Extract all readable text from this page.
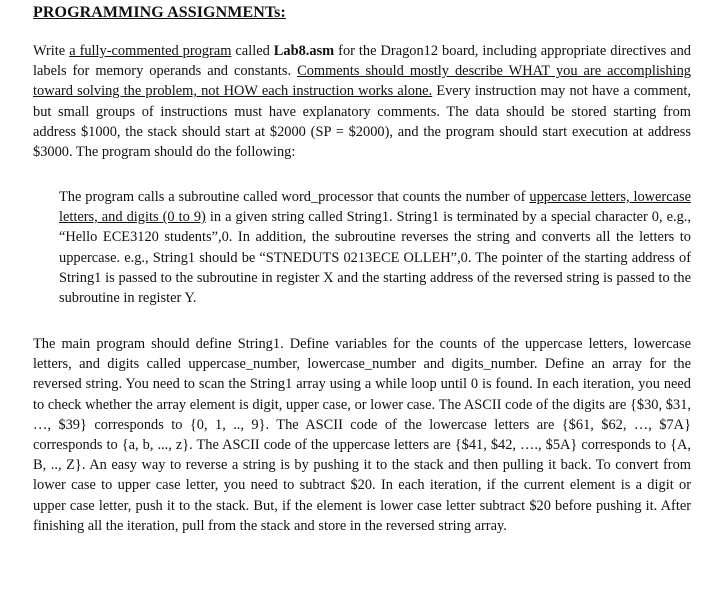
PROGRAMMING ASSIGNMENTs:

Write a fully-commented program called Lab8.asm for the Dragon12 board, including appropriate directives and labels for memory operands and constants. Comments should mostly describe WHAT you are accomplishing toward solving the problem, not HOW each instruction works alone. Every instruction may not have a comment, but small groups of instructions must have explanatory comments. The data should be stored starting from address $1000, the stack should start at $2000 (SP = $2000), and the program should start execution at address $3000. The program should do the following:

The program calls a subroutine called word_processor that counts the number of uppercase letters, lowercase letters, and digits (0 to 9) in a given string called String1. String1 is terminated by a special character 0, e.g., “Hello ECE3120 students”,0. In addition, the subroutine reverses the string and converts all the letters to uppercase. e.g., String1 should be “STNEDUTS 0213ECE OLLEH”,0. The pointer of the starting address of String1 is passed to the subroutine in register X and the starting address of the reversed string is passed to the subroutine in register Y.

The main program should define String1. Define variables for the counts of the uppercase letters, lowercase letters, and digits called uppercase_number, lowercase_number and digits_number. Define an array for the reversed string. You need to scan the String1 array using a while loop until 0 is found. In each iteration, you need to check whether the array element is digit, upper case, or lower case. The ASCII code of the digits are {$30, $31, …, $39} corresponds to {0, 1, .., 9}. The ASCII code of the lowercase letters are {$61, $62, …, $7A} corresponds to {a, b, ..., z}. The ASCII code of the uppercase letters are {$41, $42, …., $5A} corresponds to {A, B, .., Z}. An easy way to reverse a string is by pushing it to the stack and then pulling it back. To convert from lower case to upper case letter, you need to subtract $20. In each iteration, if the current element is a digit or upper case letter, push it to the stack. But, if the element is lower case letter subtract $20 before pushing it. After finishing all the iteration, pull from the stack and store in the reversed string array.
